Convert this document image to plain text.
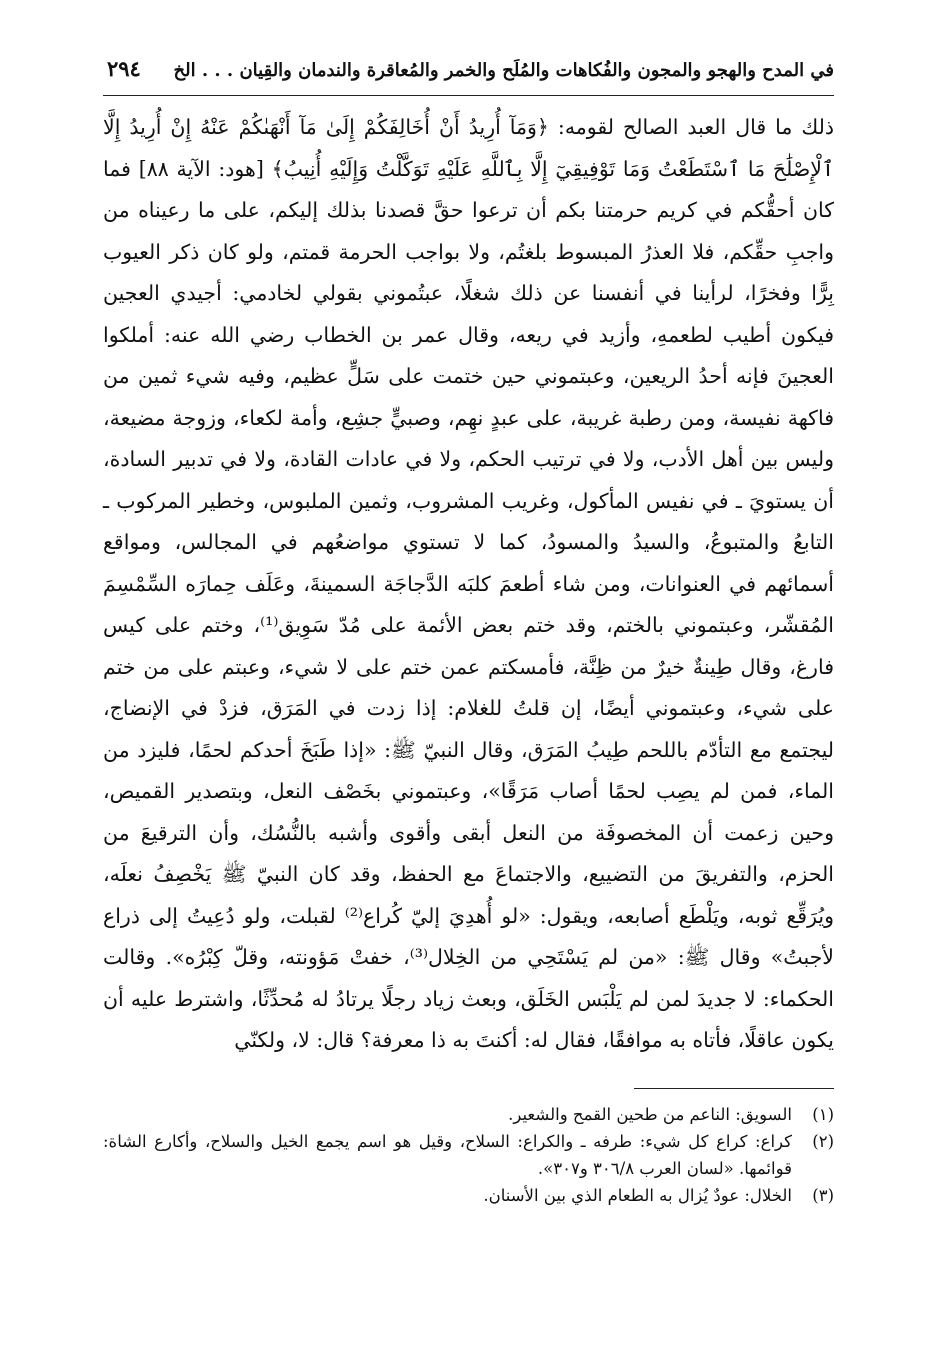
في المدح والهجو والمجون والفُكاهات والمُلَح والخمر والمُعاقرة والندمان والقِيان . . . الخ
٢٩٤

ذلك ما قال العبد الصالح لقومه: ﴿وَمَآ أُرِيدُ أَنْ أُخَالِفَكُمْ إِلَىٰ مَآ أَنْهَىٰكُمْ عَنْهُ إِنْ أُرِيدُ إِلَّا ٱلْإِصْلَٰحَ مَا ٱسْتَطَعْتُ وَمَا تَوْفِيقِيٓ إِلَّا بِٱللَّهِ عَلَيْهِ تَوَكَّلْتُ وَإِلَيْهِ أُنِيبُ﴾ [هود: الآية ٨٨] فما كان أحقُّكم في كريم حرمتنا بكم أن ترعوا حقَّ قصدنا بذلك إليكم، على ما رعيناه من واجبِ حقِّكم، فلا العذرُ المبسوط بلغتُم، ولا بواجب الحرمة قمتم، ولو كان ذكر العيوب بِرًّا وفخرًا، لرأينا في أنفسنا عن ذلك شغلًا، عبتُموني بقولي لخادمي: أجيدي العجين فيكون أطيب لطعمهِ، وأزيد في ريعه، وقال عمر بن الخطاب رضي الله عنه: أملكوا العجينَ فإنه أحدُ الريعين، وعبتموني حين ختمت على سَلٍّ عظيم، وفيه شيء ثمين من فاكهة نفيسة، ومن رطبة غريبة، على عبدٍ نهِم، وصبيٍّ جشِع، وأمة لكعاء، وزوجة مضيعة، وليس بين أهل الأدب، ولا في ترتيب الحكم، ولا في عادات القادة، ولا في تدبير السادة، أن يستويَ ـ في نفيس المأكول، وغريب المشروب، وثمين الملبوس، وخطير المركوب ـ التابعُ والمتبوعُ، والسيدُ والمسودُ، كما لا تستوي مواضعُهم في المجالس، ومواقع أسمائهم في العنوانات، ومن شاء أطعمَ كلبَه الدَّجاجَة السمينةَ، وعَلَف حِمارَه السِّمْسِمَ المُقشّر، وعبتموني بالختم، وقد ختم بعض الأئمة على مُدّ سَوِيق⁽¹⁾، وختم على كيس فارغ، وقال طِينةٌ خيرٌ من ظِنَّة، فأمسكتم عمن ختم على لا شيء، وعبتم على من ختم على شيء، وعبتموني أيضًا، إن قلتُ للغلام: إذا زدت في المَرَق، فزدْ في الإنضاج، ليجتمع مع التأدّم باللحم طِيبُ المَرَق، وقال النبيّ ﷺ: «إذا طَبَخَ أحدكم لحمًا، فليزد من الماء، فمن لم يصِب لحمًا أصاب مَرَقًا»، وعبتموني بخَصْف النعل، وبتصدير القميص، وحين زعمت أن المخصوفَة من النعل أبقى وأقوى وأشبه بالنُّسُك، وأن الترقيعَ من الحزم، والتفريقَ من التضييع، والاجتماعَ مع الحفظ، وقد كان النبيّ ﷺ يَخْصِفُ نعلَه، ويُرَقِّع ثوبه، ويَلْطَع أصابعه، ويقول: «لو أُهدِيَ إليّ كُراع⁽²⁾ لقبلت، ولو دُعِيتُ إلى ذراع لأجبتُ» وقال ﷺ: «من لم يَسْتَحِي من الخِلال⁽³⁾، خفتْ مَؤونته، وقلّ كِبْرُه». وقالت الحكماء: لا جديدَ لمن لم يَلْبَس الخَلَق، وبعث زياد رجلًا يرتادُ له مُحدِّثًا، واشترط عليه أن يكون عاقلًا، فأتاه به موافقًا، فقال له: أكنتَ به ذا معرفة؟ قال: لا، ولكنّي

(١)
السويق: الناعم من طحين القمح والشعير.
(٢)
كراع: كراع كل شيء: طرفه ـ والكراع: السلاح، وقيل هو اسم يجمع الخيل والسلاح، وأكارع الشاة: قوائمها. «لسان العرب ٣٠٦/٨ و٣٠٧».
(٣)
الخلال: عودٌ يُزال به الطعام الذي بين الأسنان.
